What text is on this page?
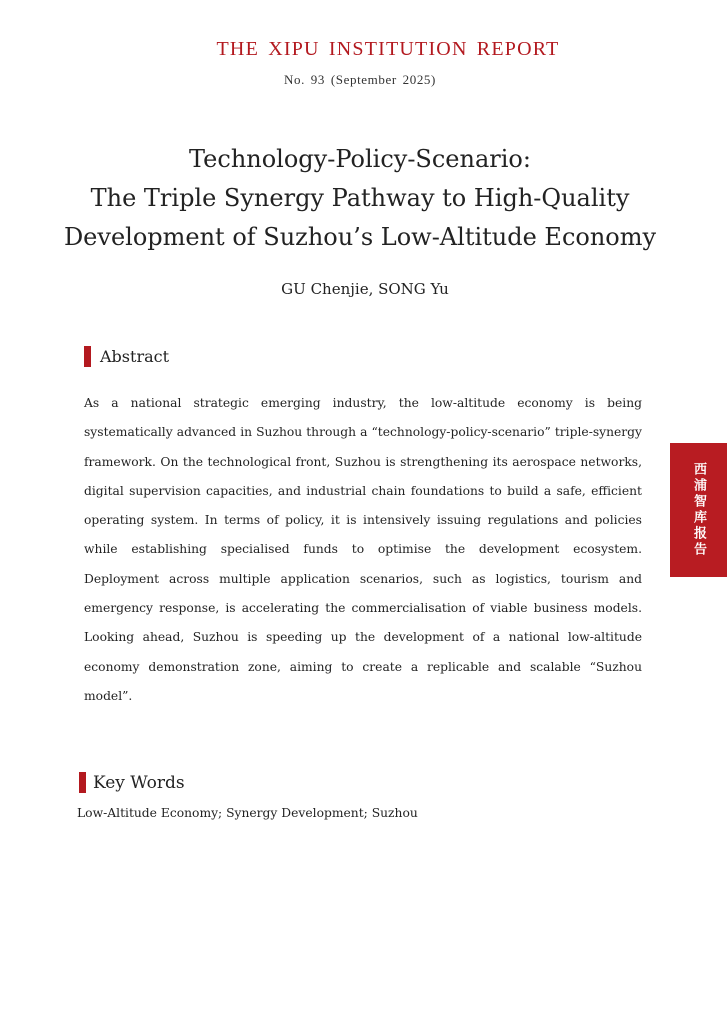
THE XIPU INSTITUTION REPORT
No. 93 (September 2025)
Technology-Policy-Scenario:
The Triple Synergy Pathway to High-Quality
Development of Suzhou’s Low-Altitude Economy
GU Chenjie, SONG Yu
Abstract
As a national strategic emerging industry, the low-altitude economy is being systematically advanced in Suzhou through a “technology-policy-scenario” triple-synergy framework. On the technological front, Suzhou is strengthening its aerospace networks, digital supervision capacities, and industrial chain foundations to build a safe, efficient operating system. In terms of policy, it is intensively issuing regulations and policies while establishing specialised funds to optimise the development ecosystem. Deployment across multiple application scenarios, such as logistics, tourism and emergency response, is accelerating the commercialisation of viable business models. Looking ahead, Suzhou is speeding up the development of a national low-altitude economy demonstration zone, aiming to create a replicable and scalable “Suzhou model”.
Key Words
Low-Altitude Economy; Synergy Development; Suzhou
西浦智库报告
